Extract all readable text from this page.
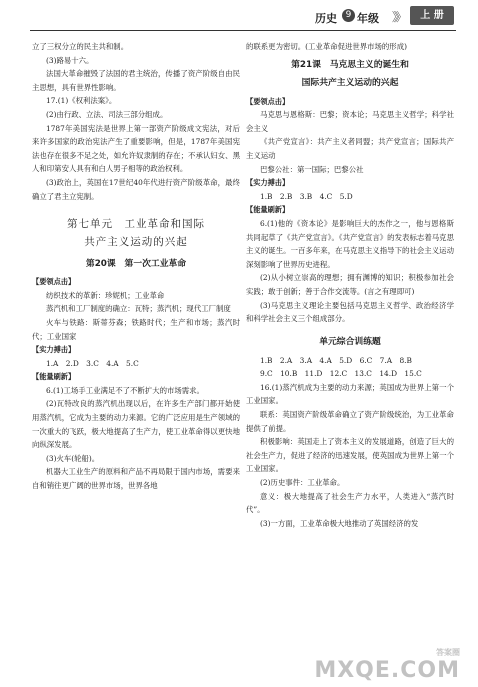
历史 9 年级 》》	上 册

立了三权分立的民主共和制。

(3)路易十六。

法国大革命摧毁了法国的君主统治，传播了资产阶级自由民主思想，具有世界性影响。

17.(1)《权利法案》。

(2)由行政、立法、司法三部分组成。

1787年美国宪法是世界上第一部资产阶级成文宪法，对后来许多国家的政治宪法产生了重要影响，但是，1787年美国宪法也存在很多不足之处，如允许奴隶制的存在；不承认妇女、黑人和印第安人具有和白人男子相等的政治权利。

(3)政治上，英国在17世纪40年代进行资产阶级革命，最终确立了君主立宪制。

第七单元　工业革命和国际
共产主义运动的兴起
第20课　第一次工业革命

【要领点击】

纺织技术的革新：珍妮机；工业革命

蒸汽机和工厂制度的确立：瓦特；蒸汽机；现代工厂制度

火车与铁路：斯蒂芬森；铁路时代；生产和市场；蒸汽时代；工业国家

【实力搏击】

1.A　2.D　3.C　4.A　5.C

【能量刷新】

6.(1)工场手工业满足不了不断扩大的市场需求。

(2)瓦特改良的蒸汽机出现以后，在许多生产部门都开始使用蒸汽机，它成为主要的动力来源。它的广泛应用是生产领域的一次重大的飞跃，极大地提高了生产力，使工业革命得以更快地向纵深发展。

(3)火车(轮船)。

机器大工业生产的原料和产品不再局限于国内市场，需要来自和销往更广阔的世界市场，世界各地

的联系更为密切。(工业革命促进世界市场的形成)

第21课　马克思主义的诞生和
国际共产主义运动的兴起

【要领点击】

马克思与恩格斯：巴黎；资本论；马克思主义哲学；科学社会主义

《共产党宣言》：共产主义者同盟；共产党宣言；国际共产主义运动

巴黎公社：第一国际；巴黎公社

【实力搏击】

1.B　2.B　3.B　4.C　5.D

【能量刷新】

6.(1)他的《资本论》是影响巨大的杰作之一，他与恩格斯共同起草了《共产党宣言》。《共产党宣言》的发表标志着马克思主义的诞生。一百多年来，在马克思主义指导下的社会主义运动深刻影响了世界历史进程。

(2)从小树立崇高的理想；拥有渊博的知识；积极参加社会实践；敢于创新；善于合作交流等。(言之有理即可)

(3)马克思主义理论主要包括马克思主义哲学、政治经济学和科学社会主义三个组成部分。

单元综合训练题

1.B　2.A　3.A　4.A　5.D　6.C　7.A　8.B

9.C　10.B　11.D　12.C　13.C　14.D　15.C

16.(1)蒸汽机成为主要的动力来源；英国成为世界上第一个工业国家。

联系：英国资产阶级革命确立了资产阶级统治，为工业革命提供了前提。

积极影响：英国走上了资本主义的发展道路，创造了巨大的社会生产力，促进了经济的迅速发展，使英国成为世界上第一个工业国家。

(2)历史事件：工业革命。

意义：极大地提高了社会生产力水平，人类进入“蒸汽时代”。

(3)一方面，工业革命极大地推动了英国经济的发

答案圈
MXQE.COM
